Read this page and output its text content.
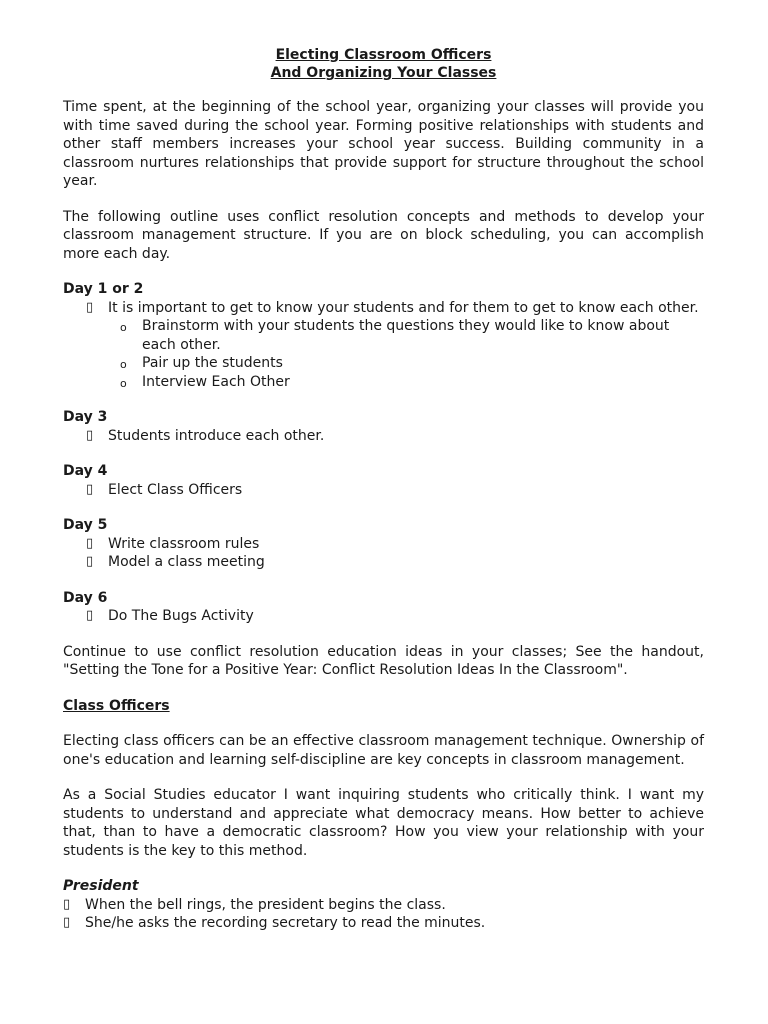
Electing Classroom Officers
And Organizing Your Classes

Time spent, at the beginning of the school year, organizing your classes will provide you with time saved during the school year. Forming positive relationships with students and other staff members increases your school year success. Building community in a classroom nurtures relationships that provide support for structure throughout the school year.

The following outline uses conflict resolution concepts and methods to develop your classroom management structure. If you are on block scheduling, you can accomplish more each day.

Day 1 or 2
▯ It is important to get to know your students and for them to get to know each other.
o Brainstorm with your students the questions they would like to know about each other.
o Pair up the students
o Interview Each Other
Day 3
▯ Students introduce each other.
Day 4
▯ Elect Class Officers
Day 5
▯ Write classroom rules
▯ Model a class meeting
Day 6
▯ Do The Bugs Activity

Continue to use conflict resolution education ideas in your classes; See the handout, "Setting the Tone for a Positive Year: Conflict Resolution Ideas In the Classroom".

Class Officers

Electing class officers can be an effective classroom management technique. Ownership of one's education and learning self-discipline are key concepts in classroom management.

As a Social Studies educator I want inquiring students who critically think. I want my students to understand and appreciate what democracy means. How better to achieve that, than to have a democratic classroom? How you view your relationship with your students is the key to this method.

President
▯ When the bell rings, the president begins the class.
▯ She/he asks the recording secretary to read the minutes.
